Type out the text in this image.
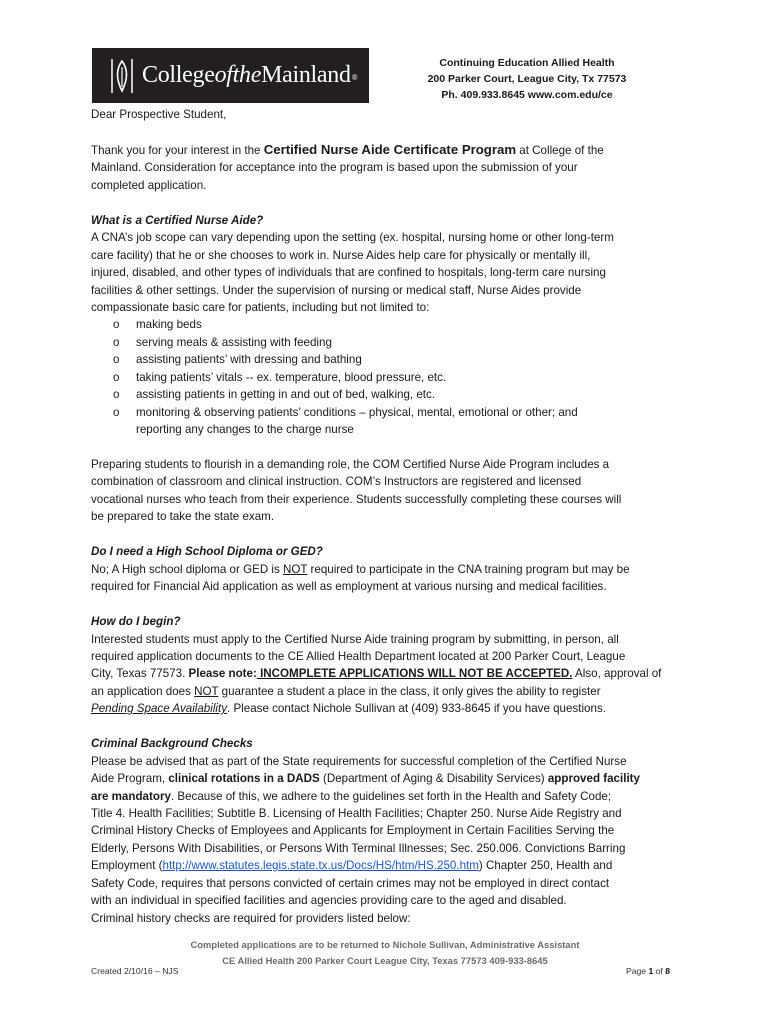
CollegeoftheMainland®
Continuing Education Allied Health
200 Parker Court, League City, Tx 77573
Ph. 409.933.8645 www.com.edu/ce

Dear Prospective Student,

Thank you for your interest in the Certified Nurse Aide Certificate Program at College of the
Mainland. Consideration for acceptance into the program is based upon the submission of your
completed application.

What is a Certified Nurse Aide?

A CNA’s job scope can vary depending upon the setting (ex. hospital, nursing home or other long-term
care facility) that he or she chooses to work in. Nurse Aides help care for physically or mentally ill,
injured, disabled, and other types of individuals that are confined to hospitals, long-term care nursing
facilities & other settings. Under the supervision of nursing or medical staff, Nurse Aides provide
compassionate basic care for patients, including but not limited to:

o making beds
o serving meals & assisting with feeding
o assisting patients’ with dressing and bathing
o taking patients’ vitals -- ex. temperature, blood pressure, etc.
o assisting patients in getting in and out of bed, walking, etc.
o monitoring & observing patients’ conditions – physical, mental, emotional or other; and
reporting any changes to the charge nurse

Preparing students to flourish in a demanding role, the COM Certified Nurse Aide Program includes a
combination of classroom and clinical instruction. COM’s Instructors are registered and licensed
vocational nurses who teach from their experience. Students successfully completing these courses will
be prepared to take the state exam.

Do I need a High School Diploma or GED?

No; A High school diploma or GED is NOT required to participate in the CNA training program but may be
required for Financial Aid application as well as employment at various nursing and medical facilities.

How do I begin?

Interested students must apply to the Certified Nurse Aide training program by submitting, in person, all
required application documents to the CE Allied Health Department located at 200 Parker Court, League
City, Texas 77573. Please note: INCOMPLETE APPLICATIONS WILL NOT BE ACCEPTED. Also, approval of
an application does NOT guarantee a student a place in the class, it only gives the ability to register
Pending Space Availability. Please contact Nichole Sullivan at (409) 933-8645 if you have questions.

Criminal Background Checks

Please be advised that as part of the State requirements for successful completion of the Certified Nurse
Aide Program, clinical rotations in a DADS (Department of Aging & Disability Services) approved facility
are mandatory. Because of this, we adhere to the guidelines set forth in the Health and Safety Code;
Title 4. Health Facilities; Subtitle B. Licensing of Health Facilities; Chapter 250. Nurse Aide Registry and
Criminal History Checks of Employees and Applicants for Employment in Certain Facilities Serving the
Elderly, Persons With Disabilities, or Persons With Terminal Illnesses; Sec. 250.006. Convictions Barring
Employment (http://www.statutes.legis.state.tx.us/Docs/HS/htm/HS.250.htm) Chapter 250, Health and
Safety Code, requires that persons convicted of certain crimes may not be employed in direct contact
with an individual in specified facilities and agencies providing care to the aged and disabled.
Criminal history checks are required for providers listed below:

Completed applications are to be returned to Nichole Sullivan, Administrative Assistant
CE Allied Health 200 Parker Court League City, Texas 77573 409-933-8645
Created 2/10/16 – NJS	Page 1 of 8
